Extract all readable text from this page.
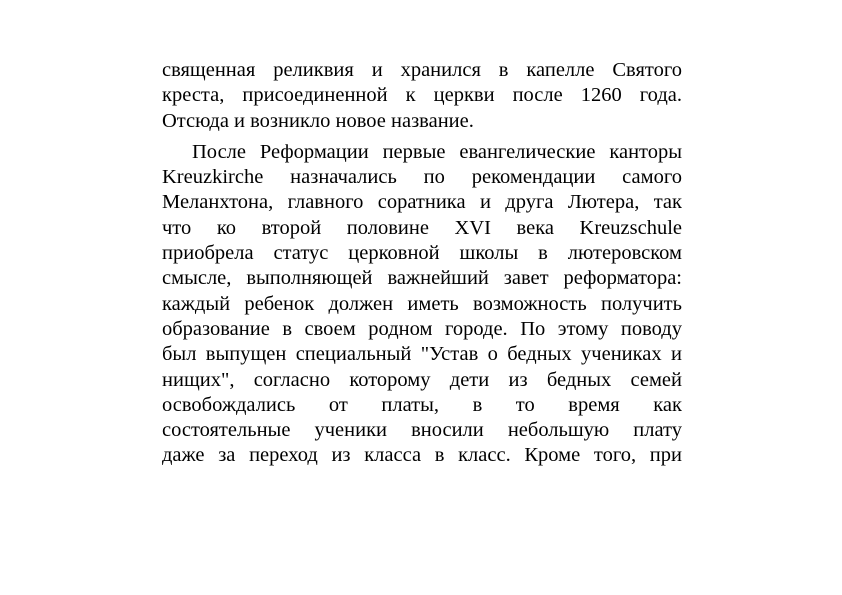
священная реликвия и хранился в капелле Святого
креста, присоединенной к церкви после 1260 года.
Отсюда и возникло новое название.
После Реформации первые евангелические канторы
Kreuzkirche назначались по рекомендации самого
Меланхтона, главного соратника и друга Лютера, так
что ко второй половине XVI века Kreuzschule
приобрела статус церковной школы в лютеровском
смысле, выполняющей важнейший завет реформатора:
каждый ребенок должен иметь возможность получить
образование в своем родном городе. По этому поводу
был выпущен специальный "Устав о бедных учениках и
нищих", согласно которому дети из бедных семей
освобождались от платы, в то время как
состоятельные ученики вносили небольшую плату
даже за переход из класса в класс. Кроме того, при
